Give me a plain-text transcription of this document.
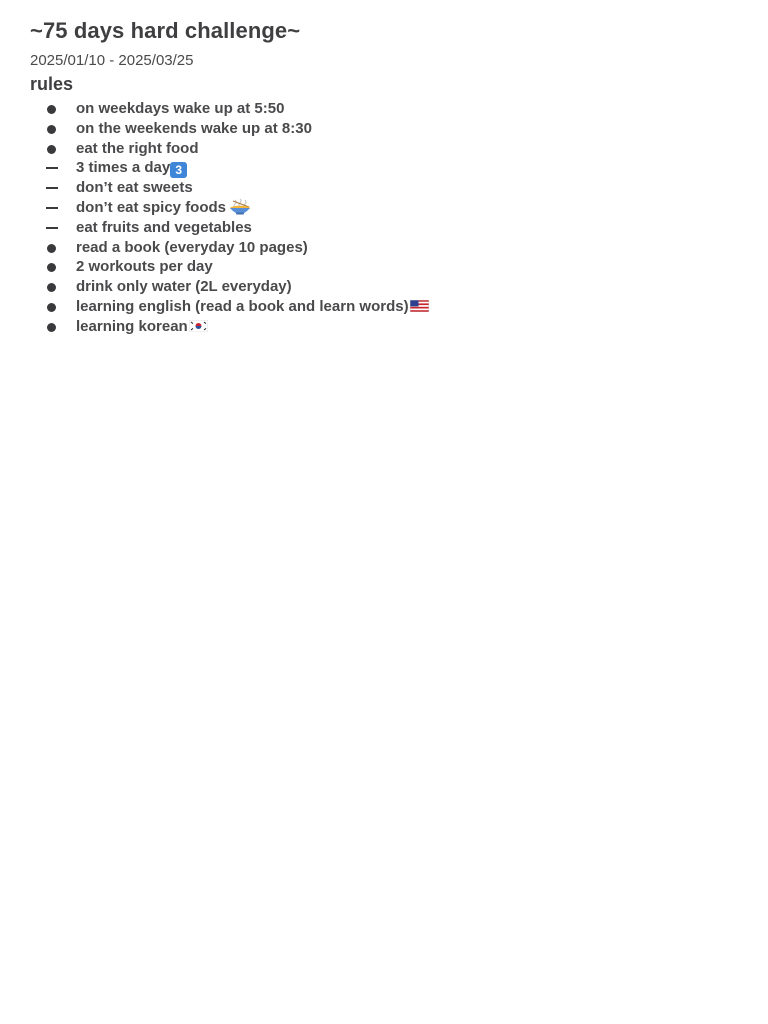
~75 days hard challenge~
2025/01/10 - 2025/03/25
rules
on weekdays wake up at 5:50
on the weekends wake up at 8:30
eat the right food
3 times a day 3
don’t eat sweets
don’t eat spicy foods
eat fruits and vegetables
read a book (everyday 10 pages)
2 workouts per day
drink only water (2L everyday)
learning english (read a book and learn words)
learning korean
